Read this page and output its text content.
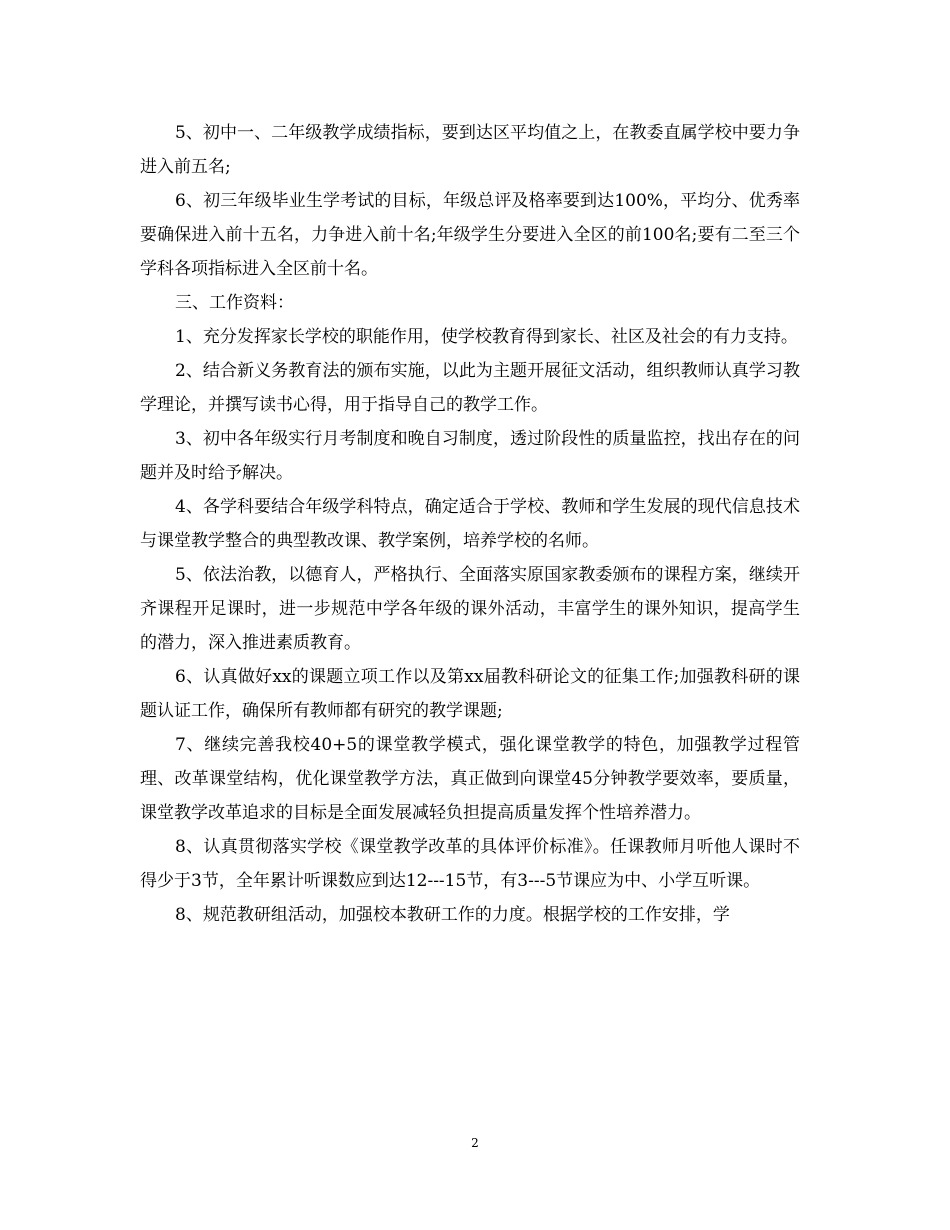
5、初中一、二年级教学成绩指标，要到达区平均值之上，在教委直属学校中要力争进入前五名;

6、初三年级毕业生学考试的目标，年级总评及格率要到达100%，平均分、优秀率要确保进入前十五名，力争进入前十名;年级学生分要进入全区的前100名;要有二至三个学科各项指标进入全区前十名。

三、工作资料：

1、充分发挥家长学校的职能作用，使学校教育得到家长、社区及社会的有力支持。

2、结合新义务教育法的颁布实施，以此为主题开展征文活动，组织教师认真学习教学理论，并撰写读书心得，用于指导自己的教学工作。

3、初中各年级实行月考制度和晚自习制度，透过阶段性的质量监控，找出存在的问题并及时给予解决。

4、各学科要结合年级学科特点，确定适合于学校、教师和学生发展的现代信息技术与课堂教学整合的典型教改课、教学案例，培养学校的名师。

5、依法治教，以德育人，严格执行、全面落实原国家教委颁布的课程方案，继续开齐课程开足课时，进一步规范中学各年级的课外活动，丰富学生的课外知识，提高学生的潜力，深入推进素质教育。

6、认真做好xx的课题立项工作以及第xx届教科研论文的征集工作;加强教科研的课题认证工作，确保所有教师都有研究的教学课题;

7、继续完善我校40+5的课堂教学模式，强化课堂教学的特色，加强教学过程管理、改革课堂结构，优化课堂教学方法，真正做到向课堂45分钟教学要效率，要质量，课堂教学改革追求的目标是全面发展减轻负担提高质量发挥个性培养潜力。

8、认真贯彻落实学校《课堂教学改革的具体评价标准》。任课教师月听他人课时不得少于3节，全年累计听课数应到达12---15节，有3---5节课应为中、小学互听课。

8、规范教研组活动，加强校本教研工作的力度。根据学校的工作安排，学

2
